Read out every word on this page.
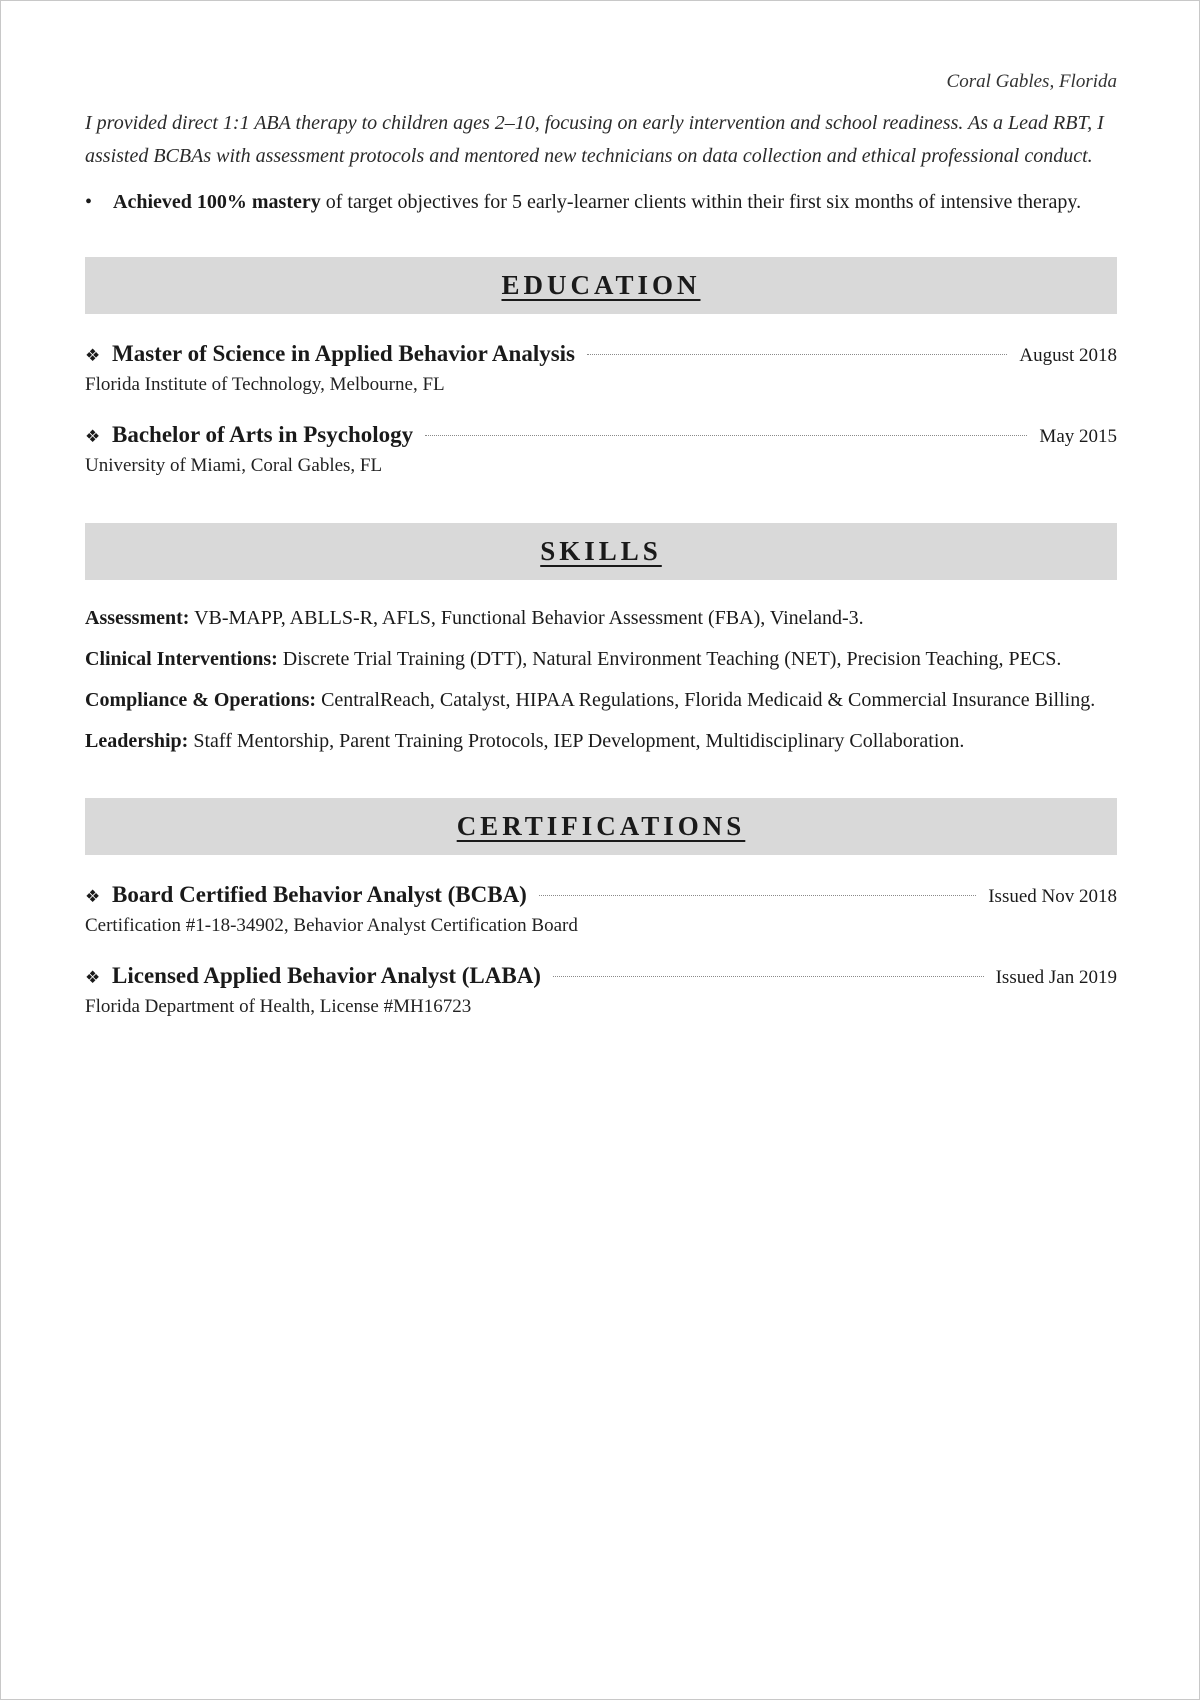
Coral Gables, Florida
I provided direct 1:1 ABA therapy to children ages 2–10, focusing on early intervention and school readiness. As a Lead RBT, I assisted BCBAs with assessment protocols and mentored new technicians on data collection and ethical professional conduct.
• Achieved 100% mastery of target objectives for 5 early-learner clients within their first six months of intensive therapy.
EDUCATION
❖ Master of Science in Applied Behavior Analysis	August 2018
Florida Institute of Technology, Melbourne, FL
❖ Bachelor of Arts in Psychology	May 2015
University of Miami, Coral Gables, FL
SKILLS
Assessment: VB-MAPP, ABLLS-R, AFLS, Functional Behavior Assessment (FBA), Vineland-3.
Clinical Interventions: Discrete Trial Training (DTT), Natural Environment Teaching (NET), Precision Teaching, PECS.
Compliance & Operations: CentralReach, Catalyst, HIPAA Regulations, Florida Medicaid & Commercial Insurance Billing.
Leadership: Staff Mentorship, Parent Training Protocols, IEP Development, Multidisciplinary Collaboration.
CERTIFICATIONS
❖ Board Certified Behavior Analyst (BCBA)	Issued Nov 2018
Certification #1-18-34902, Behavior Analyst Certification Board
❖ Licensed Applied Behavior Analyst (LABA)	Issued Jan 2019
Florida Department of Health, License #MH16723
